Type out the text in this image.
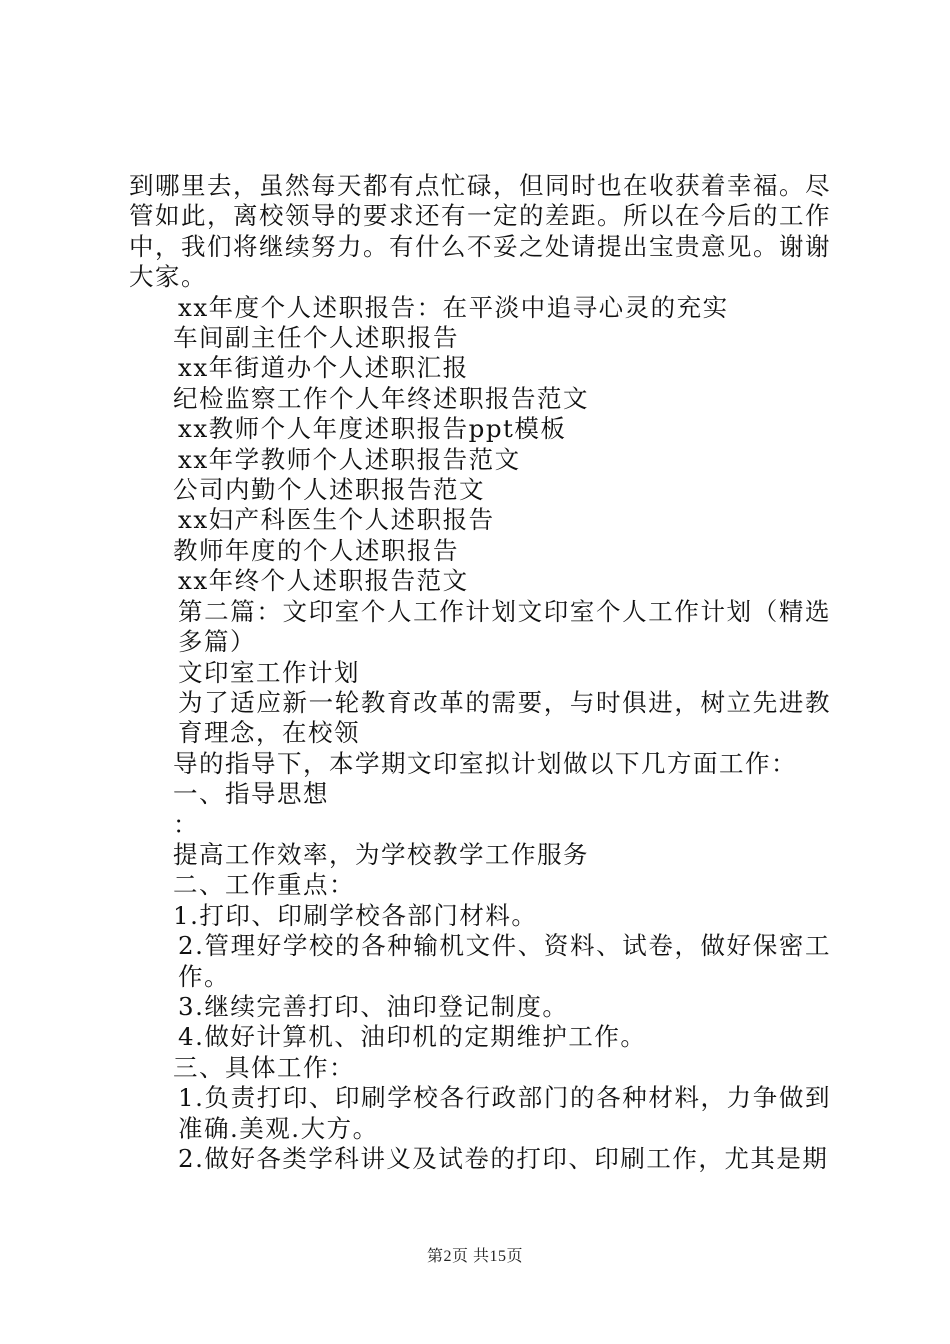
到哪里去，虽然每天都有点忙碌，但同时也在收获着幸福。尽管如此，离校领导的要求还有一定的差距。所以在今后的工作中，我们将继续努力。有什么不妥之处请提出宝贵意见。谢谢大家。

xx年度个人述职报告：在平淡中追寻心灵的充实

车间副主任个人述职报告

xx年街道办个人述职汇报

纪检监察工作个人年终述职报告范文

xx教师个人年度述职报告ppt模板

xx年学教师个人述职报告范文

公司内勤个人述职报告范文

xx妇产科医生个人述职报告

教师年度的个人述职报告

xx年终个人述职报告范文

第二篇：文印室个人工作计划文印室个人工作计划（精选多篇）

文印室工作计划

为了适应新一轮教育改革的需要，与时俱进，树立先进教育理念，在校领

导的指导下，本学期文印室拟计划做以下几方面工作：

一、指导思想

：

提高工作效率，为学校教学工作服务

二、工作重点：

1.打印、印刷学校各部门材料。

2.管理好学校的各种输机文件、资料、试卷，做好保密工作。

3.继续完善打印、油印登记制度。

4.做好计算机、油印机的定期维护工作。

三、具体工作：

1.负责打印、印刷学校各行政部门的各种材料，力争做到准确.美观.大方。

2.做好各类学科讲义及试卷的打印、印刷工作，尤其是期

第2页 共15页
